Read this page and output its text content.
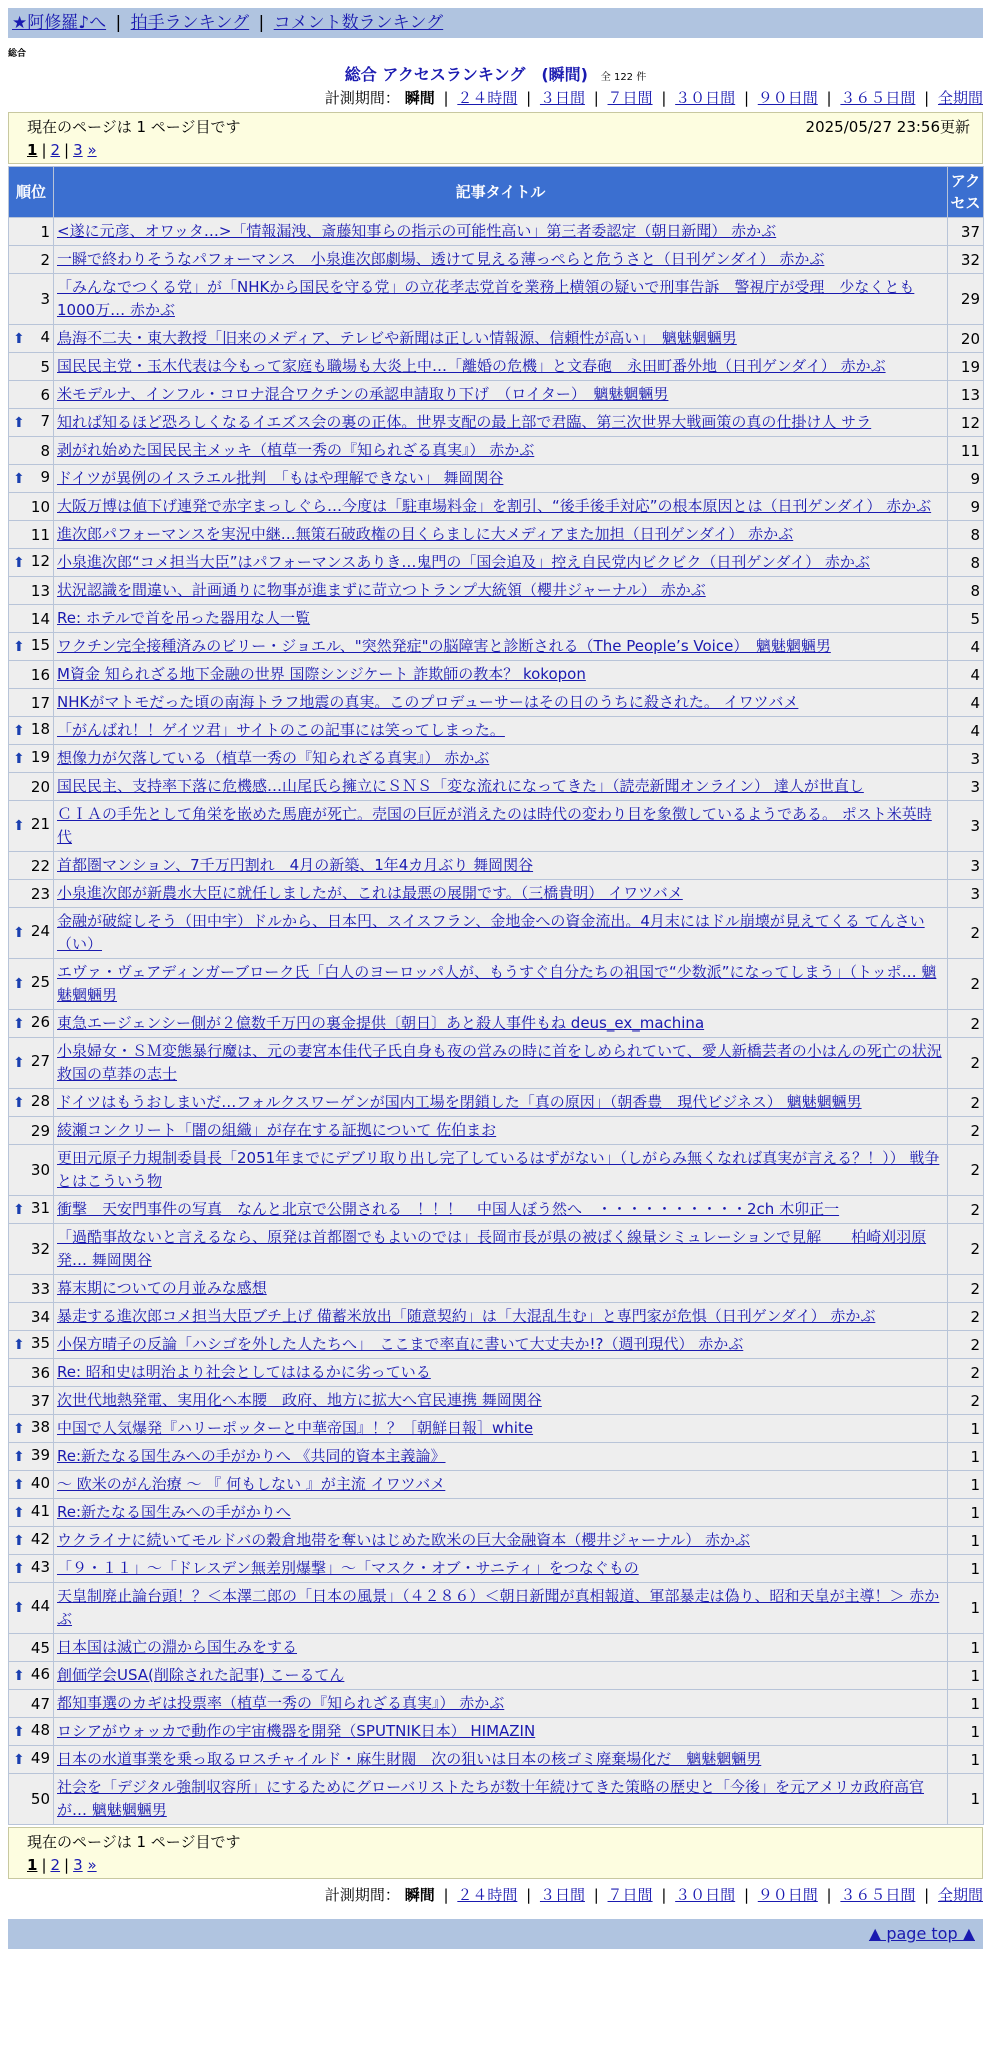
★阿修羅♪へ | 拍手ランキング | コメント数ランキング
総合
総合 アクセスランキング　(瞬間) 全 122 件
計測期間： 瞬間 | ２４時間 | ３日間 | ７日間 | ３０日間 | ９０日間 | ３６５日間 | 全期間
現在のページは 1 ページ目です	2025/05/27 23:56更新
1 | 2 | 3 »
順位	記事タイトル	アクセス
1	<遂に元彦、オワッタ…>「情報漏洩、斎藤知事らの指示の可能性高い」第三者委認定（朝日新聞） 赤かぶ	37
2	一瞬で終わりそうなパフォーマンス　小泉進次郎劇場、透けて見える薄っぺらと危うさと（日刊ゲンダイ） 赤かぶ	32
3	「みんなでつくる党」が「NHKから国民を守る党」の立花孝志党首を業務上横領の疑いで刑事告訴　警視庁が受理　少なくとも1000万… 赤かぶ	29

⬆ 4	鳥海不二夫・東大教授「旧来のメディア、テレビや新聞は正しい情報源、信頼性が高い」　魑魅魍魎男	20
5	国民民主党・玉木代表は今もって家庭も職場も大炎上中…「離婚の危機」と文春砲　永田町番外地（日刊ゲンダイ） 赤かぶ	19
6	米モデルナ、インフル・コロナ混合ワクチンの承認申請取り下げ　（ロイター）　魑魅魍魎男	13

⬆ 7	知れば知るほど恐ろしくなるイエズス会の裏の正体。世界支配の最上部で君臨、第三次世界大戦画策の真の仕掛け人 サラ	12
8	剥がれ始めた国民民主メッキ（植草一秀の『知られざる真実』） 赤かぶ	11

⬆ 9	ドイツが異例のイスラエル批判　「もはや理解できない」 舞岡関谷	9
10	大阪万博は値下げ連発で赤字まっしぐら…今度は「駐車場料金」を割引、“後手後手対応”の根本原因とは（日刊ゲンダイ） 赤かぶ	9
11	進次郎パフォーマンスを実況中継…無策石破政権の目くらましに大メディアまた加担（日刊ゲンダイ） 赤かぶ	8

⬆ 12	小泉進次郎“コメ担当大臣”はパフォーマンスありき…鬼門の「国会追及」控え自民党内ビクビク（日刊ゲンダイ） 赤かぶ	8
13	状況認識を間違い、計画通りに物事が進まずに苛立つトランプ大統領（櫻井ジャーナル） 赤かぶ	8
14	Re: ホテルで首を吊った器用な人一覧	5

⬆ 15	ワクチン完全接種済みのビリー・ジョエル、"突然発症"の脳障害と診断される（The People’s Voice）　魑魅魍魎男	4
16	M資金 知られざる地下金融の世界 国際シンジケート 詐欺師の教本？ kokopon	4
17	NHKがマトモだった頃の南海トラフ地震の真実。このプロデューサーはその日のうちに殺された。 イワツバメ	4

⬆ 18	「がんばれ！！ゲイツ君」サイトのこの記事には笑ってしまった。	4

⬆ 19	想像力が欠落している（植草一秀の『知られざる真実』） 赤かぶ	3
20	国民民主、支持率下落に危機感…山尾氏ら擁立にＳＮＳ「変な流れになってきた」（読売新聞オンライン） 達人が世直し	3

⬆ 21	ＣＩＡの手先として角栄を嵌めた馬鹿が死亡。売国の巨匠が消えたのは時代の変わり目を象徴しているようである。 ポスト米英時代	3
22	首都圏マンション、7千万円割れ　4月の新築、1年4カ月ぶり 舞岡関谷	3
23	小泉進次郎が新農水大臣に就任しましたが、これは最悪の展開です。（三橋貴明） イワツバメ	3

⬆ 24	金融が破綻しそう（田中宇）ドルから、日本円、スイスフラン、金地金への資金流出。4月末にはドル崩壊が見えてくる てんさい（い）	2

⬆ 25	エヴァ・ヴェアディンガーブローク氏「白人のヨーロッパ人が、もうすぐ自分たちの祖国で“少数派”になってしまう」（トッポ… 魑魅魍魎男	2

⬆ 26	東急エージェンシー側が２億数千万円の裏金提供〔朝日〕あと殺人事件もね deus_ex_machina	2

⬆ 27	小泉婦女・ＳＭ変態暴行魔は、元の妻宮本佳代子氏自身も夜の営みの時に首をしめられていて、愛人新橋芸者の小はんの死亡の状況 救国の草莽の志士	2

⬆ 28	ドイツはもうおしまいだ…フォルクスワーゲンが国内工場を閉鎖した「真の原因」（朝香豊　現代ビジネス） 魑魅魍魎男	2
29	綾瀬コンクリート「闇の組織」が存在する証拠について 佐伯まお	2
30	更田元原子力規制委員長「2051年までにデブリ取り出し完了しているはずがない」（しがらみ無くなれば真実が言える？！）） 戦争とはこういう物	2

⬆ 31	衝撃　天安門事件の写真　なんと北京で公開される　！！！　中国人ぼう然へ　・・・・・・・・・・2ch 木卯正一	2
32	「過酷事故ないと言えるなら、原発は首都圏でもよいのでは」長岡市長が県の被ばく線量シミュレーションで見解　　柏崎刈羽原発… 舞岡関谷	2
33	幕末期についての月並みな感想	2
34	暴走する進次郎コメ担当大臣ブチ上げ 備蓄米放出「随意契約」は「大混乱生む」と専門家が危惧（日刊ゲンダイ） 赤かぶ	2

⬆ 35	小保方晴子の反論「ハシゴを外した人たちへ」　ここまで率直に書いて大丈夫か!?（週刊現代） 赤かぶ	2
36	Re: 昭和史は明治より社会としてははるかに劣っている	2
37	次世代地熱発電、実用化へ本腰　政府、地方に拡大へ官民連携 舞岡関谷	2

⬆ 38	中国で人気爆発『ハリーポッターと中華帝国』！？［朝鮮日報］white	1

⬆ 39	Re:新たなる国生みへの手がかりへ 《共同的資本主義論》	1

⬆ 40	～ 欧米のがん治療 ～ 『 何もしない 』が主流 イワツバメ	1

⬆ 41	Re:新たなる国生みへの手がかりへ	1

⬆ 42	ウクライナに続いてモルドバの穀倉地帯を奪いはじめた欧米の巨大金融資本（櫻井ジャーナル） 赤かぶ	1

⬆ 43	「９・１１」～「ドレスデン無差別爆撃」～「マスク・オブ・サニティ」をつなぐもの	1

⬆ 44	天皇制廃止論台頭！？＜本澤二郎の「日本の風景」（４２８６）＜朝日新聞が真相報道、軍部暴走は偽り、昭和天皇が主導！＞ 赤かぶ	1
45	日本国は滅亡の淵から国生みをする	1

⬆ 46	創価学会USA(削除された記事) こーるてん	1
47	都知事選のカギは投票率（植草一秀の『知られざる真実』） 赤かぶ	1

⬆ 48	ロシアがウォッカで動作の宇宙機器を開発（SPUTNIK日本） HIMAZIN	1

⬆ 49	日本の水道事業を乗っ取るロスチャイルド・麻生財閥　次の狙いは日本の核ゴミ廃棄場化だ　魑魅魍魎男	1
50	社会を「デジタル強制収容所」にするためにグローバリストたちが数十年続けてきた策略の歴史と「今後」を元アメリカ政府高官が… 魑魅魍魎男	1
現在のページは 1 ページ目です
1 | 2 | 3 »
計測期間： 瞬間 | ２４時間 | ３日間 | ７日間 | ３０日間 | ９０日間 | ３６５日間 | 全期間
▲ page top ▲
